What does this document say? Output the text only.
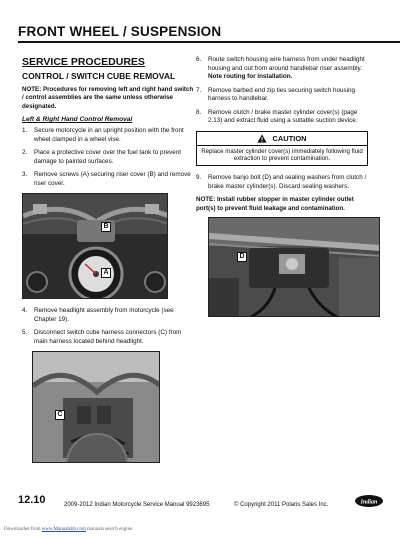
FRONT WHEEL / SUSPENSION
SERVICE PROCEDURES
CONTROL / SWITCH CUBE REMOVAL
NOTE: Procedures for removing left and right hand switch / control assemblies are the same unless otherwise designated.
Left & Right Hand Control Removal
1.	Secure motorcycle in an upright position with the front wheel clamped in a wheel vise.
2.	Place a protective cover over the fuel tank to prevent damage to painted surfaces.
3.	Remove screws (A) securing riser cover (B) and remove riser cover.
B
A
4.	Remove headlight assembly from motorcycle (see Chapter 19).
5.	Disconnect switch cube harness connectors (C) from main harness located behind headlight.
C
6.	Route switch housing wire harness from under headlight housing and out from around handlebar riser assembly. Note routing for installation.
7.	Remove barbed end zip ties securing switch housing harness to handlebar.
8.	Remove clutch / brake master cylinder cover(s) (page 2.13) and extract fluid using a suitable suction device.
CAUTION
Replace master cylinder cover(s) immediately following fluid extraction to prevent contamination.
9.	Remove banjo bolt (D) and sealing washers from clutch / brake master cylinder(s). Discard sealing washers.
NOTE: Install rubber stopper in master cylinder outlet port(s) to prevent fluid leakage and contamination.
D
12.10	2009-2012 Indian Motorcycle Service Manual 9923695	© Copyright 2011 Polaris Sales Inc.	Indian
Downloaded from www.Manualslib.com manuals search engine
